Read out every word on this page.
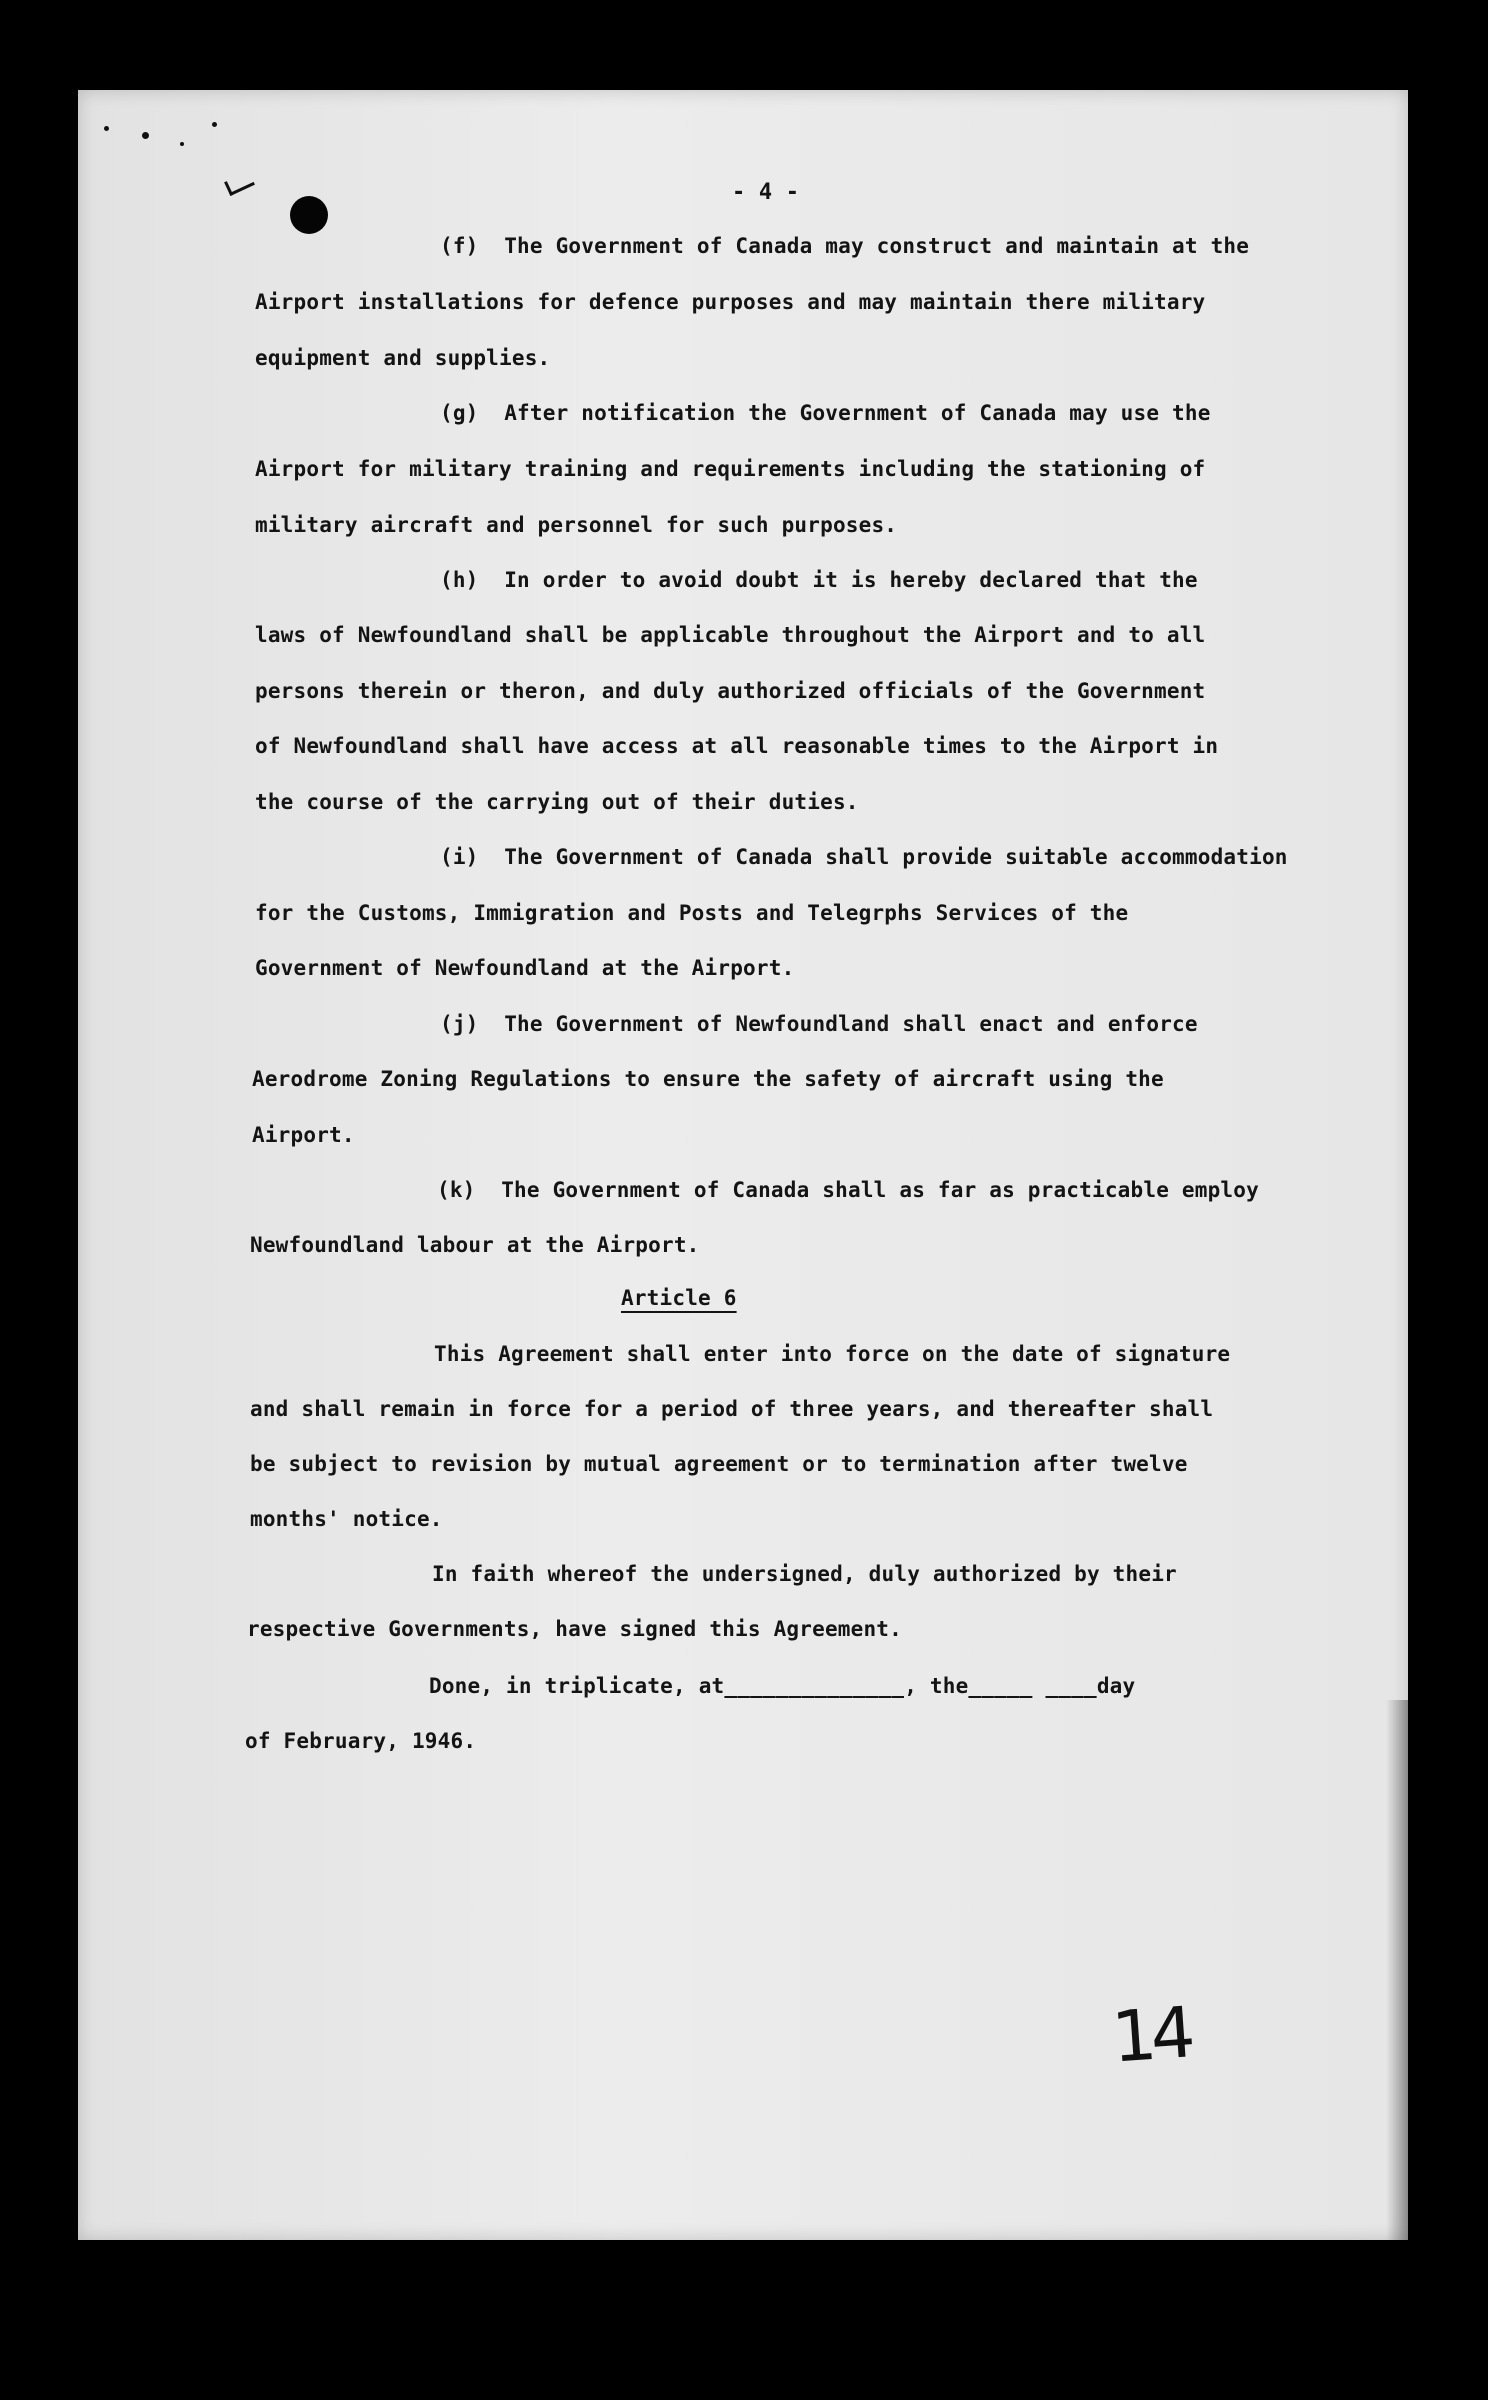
- 4 -
(f)  The Government of Canada may construct and maintain at the
Airport installations for defence purposes and may maintain there military
equipment and supplies.
(g)  After notification the Government of Canada may use the
Airport for military training and requirements including the stationing of
military aircraft and personnel for such purposes.
(h)  In order to avoid doubt it is hereby declared that the
laws of Newfoundland shall be applicable throughout the Airport and to all
persons therein or theron, and duly authorized officials of the Government
of Newfoundland shall have access at all reasonable times to the Airport in
the course of the carrying out of their duties.
(i)  The Government of Canada shall provide suitable accommodation
for the Customs, Immigration and Posts and Telegrphs Services of the
Government of Newfoundland at the Airport.
(j)  The Government of Newfoundland shall enact and enforce
Aerodrome Zoning Regulations to ensure the safety of aircraft using the
Airport.
(k)  The Government of Canada shall as far as practicable employ
Newfoundland labour at the Airport.
Article 6
This Agreement shall enter into force on the date of signature
and shall remain in force for a period of three years, and thereafter shall
be subject to revision by mutual agreement or to termination after twelve
months' notice.
In faith whereof the undersigned, duly authorized by their
respective Governments, have signed this Agreement.
Done, in triplicate, at______________, the_____ ____day
of February, 1946.
14
